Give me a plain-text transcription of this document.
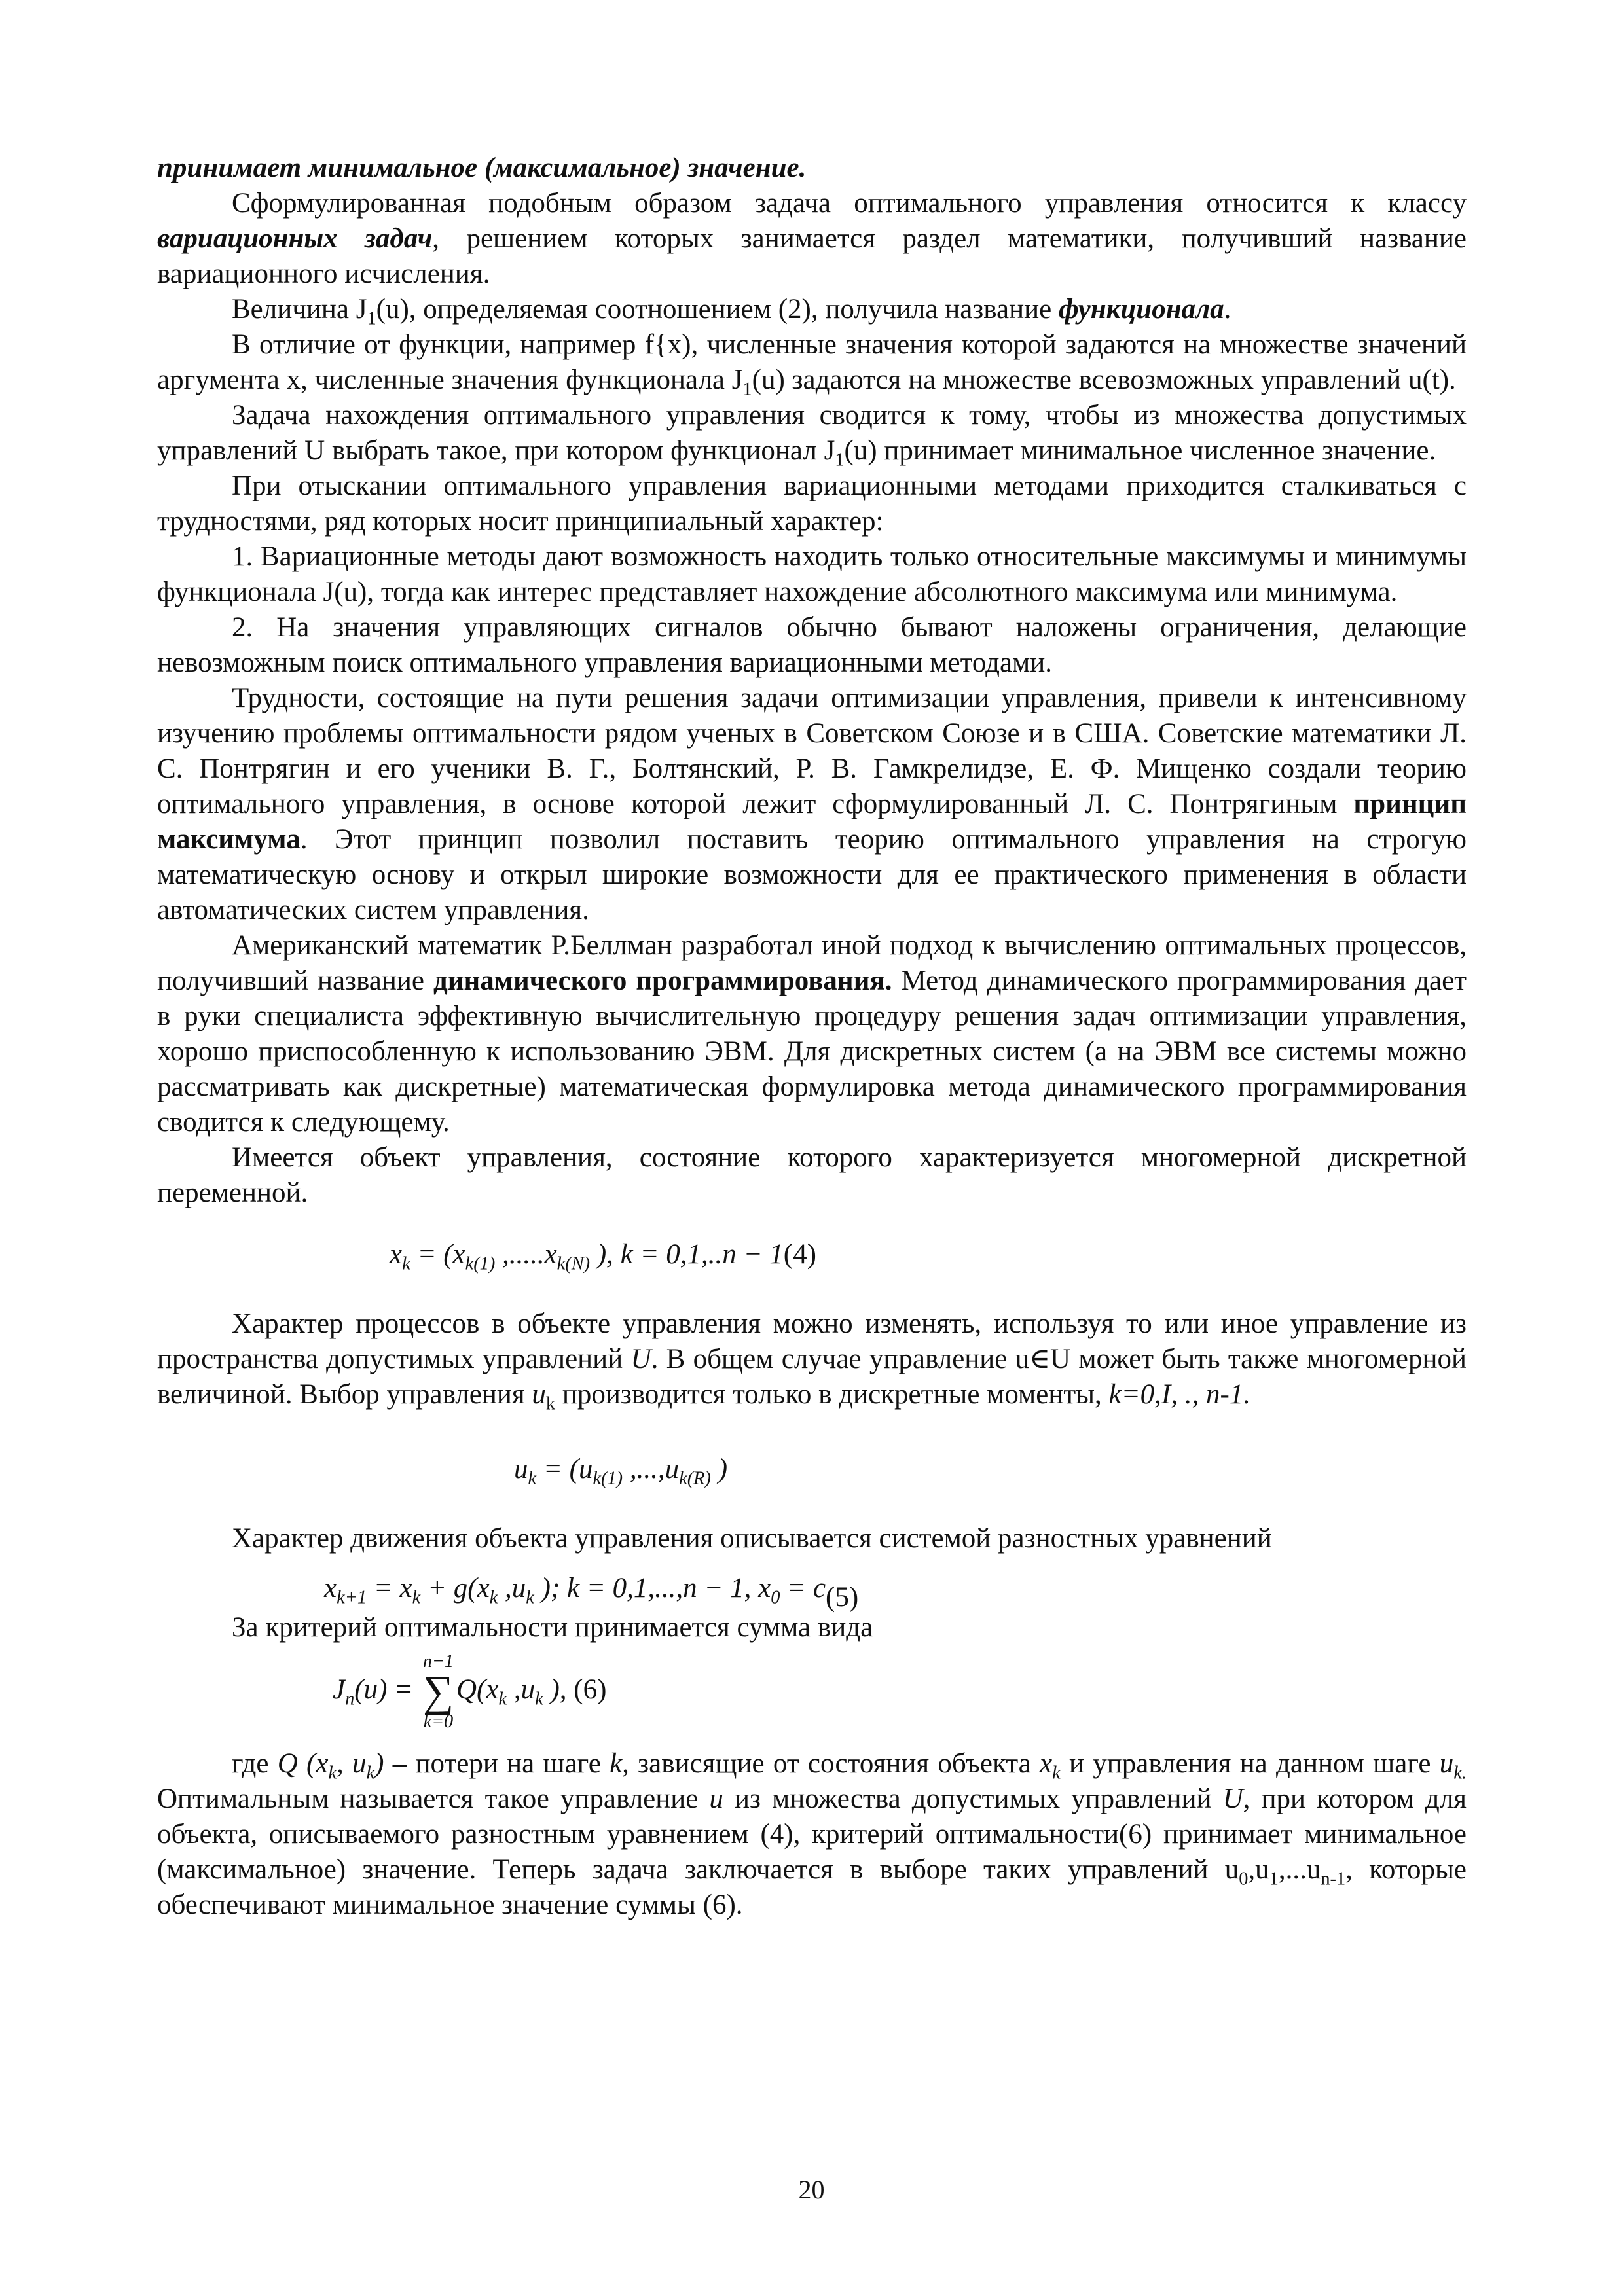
принимает минимальное (максимальное) значение.

Сформулированная подобным образом задача оптимального управления относится к классу вариационных задач, решением которых занимается раздел математики, получивший название вариационного исчисления.

Величина $J_1(u)$, определяемая соотношением (2), получила название функционала.

В отличие от функции, например f{x), численные значения которой задаются на множестве значений аргумента x, численные значения функционала $J_1(u)$ задаются на множестве всевозможных управлений u(t).

Задача нахождения оптимального управления сводится к тому, чтобы из множества допустимых управлений U выбрать такое, при котором функционал $J_1(u)$ принимает минимальное численное значение.

При отыскании оптимального управления вариационными методами приходится сталкиваться с трудностями, ряд которых носит принципиальный характер:

1. Вариационные методы дают возможность находить только относительные максимумы и минимумы функционала J(u), тогда как интерес представляет нахождение абсолютного максимума или минимума.

2. На значения управляющих сигналов обычно бывают наложены ограничения, делающие невозможным поиск оптимального управления вариационными методами.

Трудности, состоящие на пути решения задачи оптимизации управления, привели к интенсивному изучению проблемы оптимальности рядом ученых в Советском Союзе и в США. Советские математики Л. С. Понтрягин и его ученики В. Г., Болтянский, Р. В. Гамкрелидзе, Е. Ф. Мищенко создали теорию оптимального управления, в основе которой лежит сформулированный Л. С. Понтрягиным принцип максимума. Этот принцип позволил поставить теорию оптимального управления на строгую математическую основу и открыл широкие возможности для ее практического применения в области автоматических систем управления.

Американский математик Р.Беллман разработал иной подход к вычислению оптимальных процессов, получивший название динамического программирования. Метод динамического программирования дает в руки специалиста эффективную вычислительную процедуру решения задач оптимизации управления, хорошо приспособленную к использованию ЭВМ. Для дискретных систем (а на ЭВМ все системы можно рассматривать как дискретные) математическая формулировка метода динамического программирования сводится к следующему.

Имеется объект управления, состояние которого характеризуется многомерной дискретной переменной.

$x_k = (x_{k(1)}$ $,.....x_{k(N)}$ ), k = 0,1,..n − 1(4)

Характер процессов в объекте управления можно изменять, используя то или иное управление из пространства допустимых управлений U. В общем случае управление u∈U может быть также многомерной величиной. Выбор управления $u_k$ производится только в дискретные моменты, k=0,I, ., n-1.

$u_k = (u_{k(1)}$ $,...,u_{k(R)}$ )

Характер движения объекта управления описывается системой разностных уравнений

$x_{k+1} = x_k + g(x_k$ $,u_k$ ); k = 0,1,...,n − 1, $x_0 = c(5)$

За критерий оптимальности принимается сумма вида

$J_n(u)$ =
n−1
∑
k=0
$Q(x_k$ $,u_k$ ), (6)

где Q ($x_k$, $u_k$) – потери на шаге k, зависящие от состояния объекта $x_k$ и управления на данном шаге $u_{k.}$ Оптимальным называется такое управление u из множества допустимых управлений U, при котором для объекта, описываемого разностным уравнением (4), критерий оптимальности(6) принимает минимальное (максимальное) значение. Теперь задача заключается в выборе таких управлений $u_0,u_1,...u_{n-1}$, которые обеспечивают минимальное значение суммы (6).

20
